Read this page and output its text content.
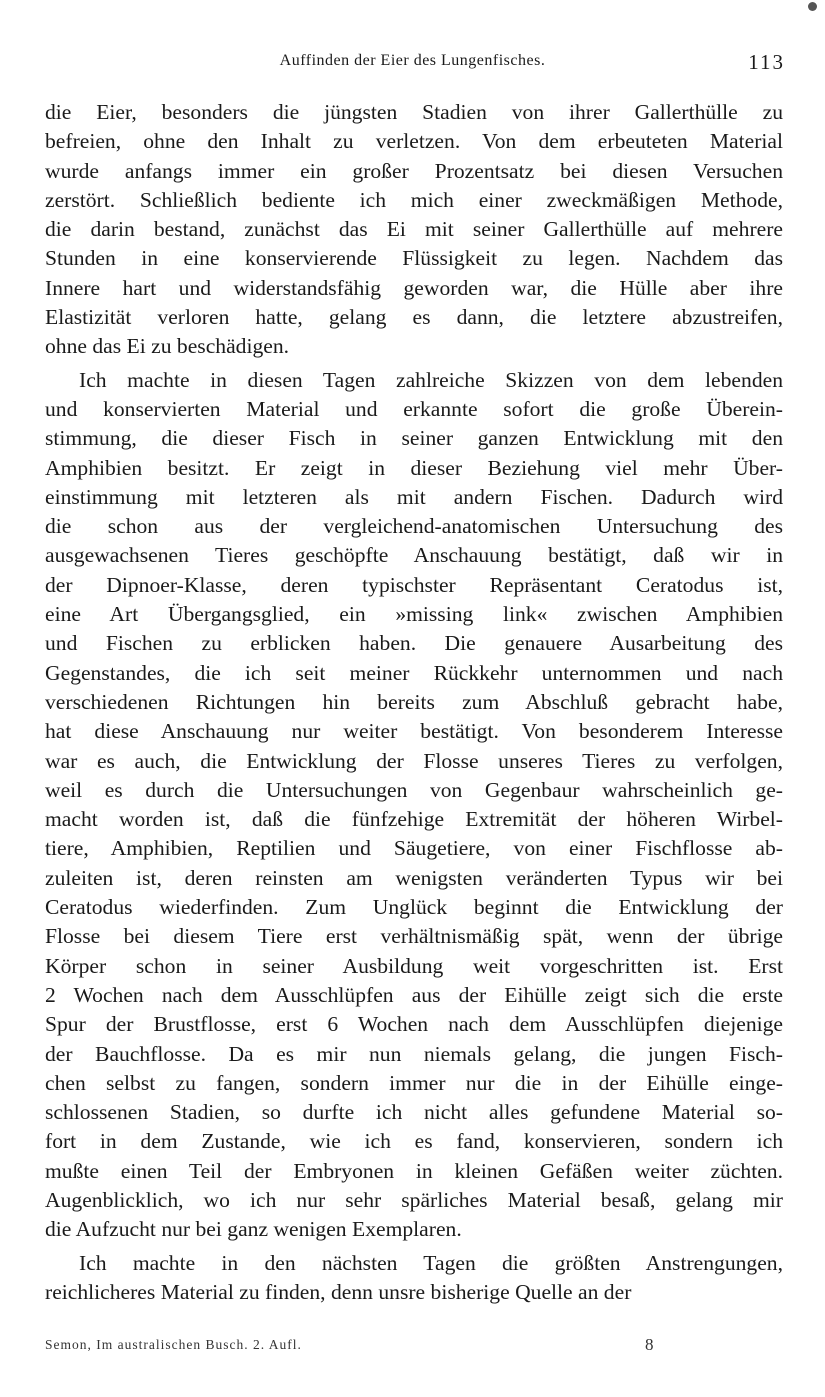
Auffinden der Eier des Lungenfisches.	113
die Eier, besonders die jüngsten Stadien von ihrer Gallerthülle zu
befreien, ohne den Inhalt zu verletzen. Von dem erbeuteten Material
wurde anfangs immer ein großer Prozentsatz bei diesen Versuchen
zerstört. Schließlich bediente ich mich einer zweckmäßigen Methode,
die darin bestand, zunächst das Ei mit seiner Gallerthülle auf mehrere
Stunden in eine konservierende Flüssigkeit zu legen. Nachdem das
Innere hart und widerstandsfähig geworden war, die Hülle aber ihre
Elastizität verloren hatte, gelang es dann, die letztere abzustreifen,
ohne das Ei zu beschädigen.
Ich machte in diesen Tagen zahlreiche Skizzen von dem lebenden
und konservierten Material und erkannte sofort die große Überein-
stimmung, die dieser Fisch in seiner ganzen Entwicklung mit den
Amphibien besitzt. Er zeigt in dieser Beziehung viel mehr Über-
einstimmung mit letzteren als mit andern Fischen. Dadurch wird
die schon aus der vergleichend-anatomischen Untersuchung des
ausgewachsenen Tieres geschöpfte Anschauung bestätigt, daß wir in
der Dipnoer-Klasse, deren typischster Repräsentant Ceratodus ist,
eine Art Übergangsglied, ein »missing link« zwischen Amphibien
und Fischen zu erblicken haben. Die genauere Ausarbeitung des
Gegenstandes, die ich seit meiner Rückkehr unternommen und nach
verschiedenen Richtungen hin bereits zum Abschluß gebracht habe,
hat diese Anschauung nur weiter bestätigt. Von besonderem Interesse
war es auch, die Entwicklung der Flosse unseres Tieres zu verfolgen,
weil es durch die Untersuchungen von Gegenbaur wahrscheinlich ge-
macht worden ist, daß die fünfzehige Extremität der höheren Wirbel-
tiere, Amphibien, Reptilien und Säugetiere, von einer Fischflosse ab-
zuleiten ist, deren reinsten am wenigsten veränderten Typus wir bei
Ceratodus wiederfinden. Zum Unglück beginnt die Entwicklung der
Flosse bei diesem Tiere erst verhältnismäßig spät, wenn der übrige
Körper schon in seiner Ausbildung weit vorgeschritten ist. Erst
2 Wochen nach dem Ausschlüpfen aus der Eihülle zeigt sich die erste
Spur der Brustflosse, erst 6 Wochen nach dem Ausschlüpfen diejenige
der Bauchflosse. Da es mir nun niemals gelang, die jungen Fisch-
chen selbst zu fangen, sondern immer nur die in der Eihülle einge-
schlossenen Stadien, so durfte ich nicht alles gefundene Material so-
fort in dem Zustande, wie ich es fand, konservieren, sondern ich
mußte einen Teil der Embryonen in kleinen Gefäßen weiter züchten.
Augenblicklich, wo ich nur sehr spärliches Material besaß, gelang mir
die Aufzucht nur bei ganz wenigen Exemplaren.
Ich machte in den nächsten Tagen die größten Anstrengungen,
reichlicheres Material zu finden, denn unsre bisherige Quelle an der
Semon, Im australischen Busch. 2. Aufl.	8
